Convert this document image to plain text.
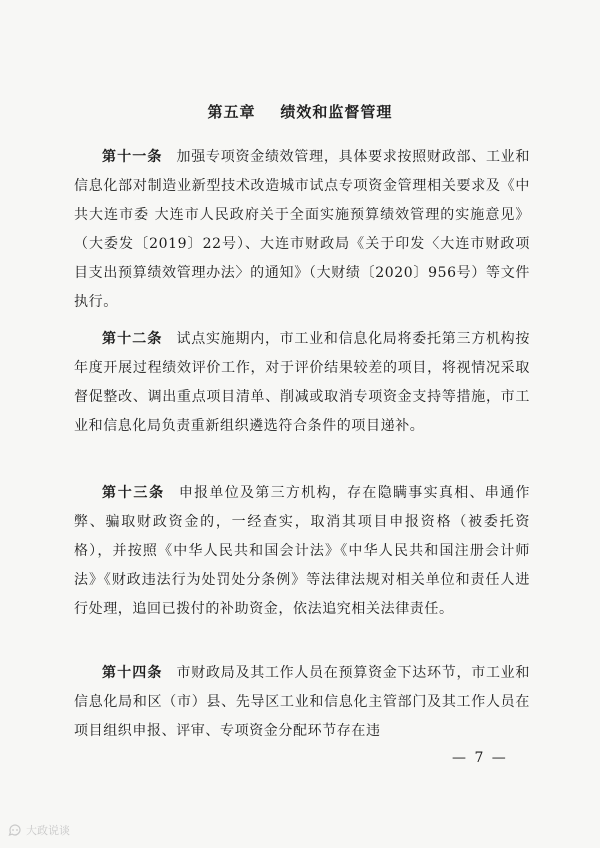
第五章    绩效和监督管理
第十一条 加强专项资金绩效管理，具体要求按照财政部、工业和信息化部对制造业新型技术改造城市试点专项资金管理相关要求及《中共大连市委 大连市人民政府关于全面实施预算绩效管理的实施意见》（大委发〔2019〕22号）、大连市财政局《关于印发〈大连市财政项目支出预算绩效管理办法〉的通知》（大财绩〔2020〕956号）等文件执行。
第十二条 试点实施期内，市工业和信息化局将委托第三方机构按年度开展过程绩效评价工作，对于评价结果较差的项目，将视情况采取督促整改、调出重点项目清单、削减或取消专项资金支持等措施，市工业和信息化局负责重新组织遴选符合条件的项目递补。
第十三条 申报单位及第三方机构，存在隐瞒事实真相、串通作弊、骗取财政资金的，一经查实，取消其项目申报资格（被委托资格），并按照《中华人民共和国会计法》《中华人民共和国注册会计师法》《财政违法行为处罚处分条例》等法律法规对相关单位和责任人进行处理，追回已拨付的补助资金，依法追究相关法律责任。
第十四条 市财政局及其工作人员在预算资金下达环节，市工业和信息化局和区（市）县、先导区工业和信息化主管部门及其工作人员在项目组织申报、评审、专项资金分配环节存在违
— 7 —
大政说谈
